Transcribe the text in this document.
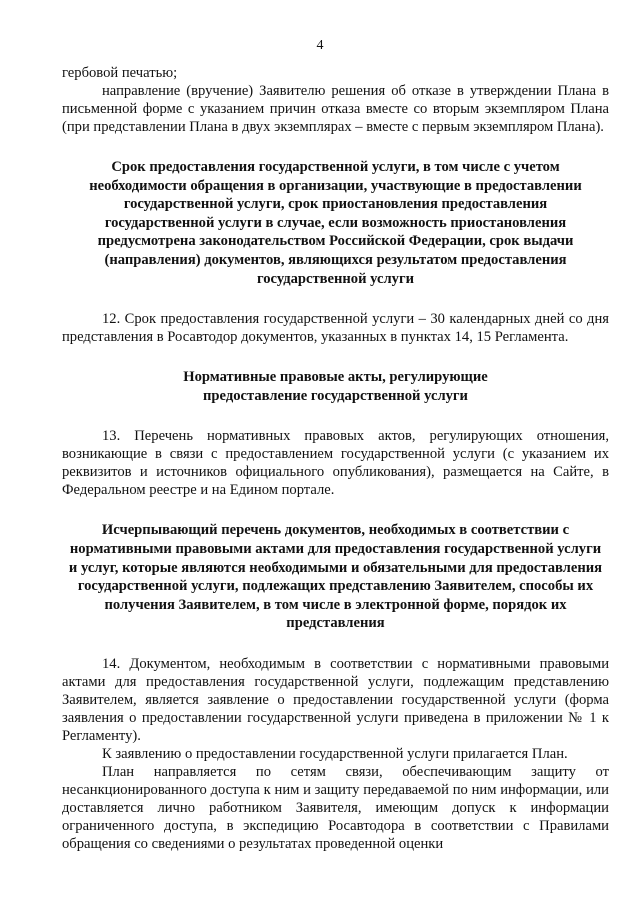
4

гербовой печатью;

направление (вручение) Заявителю решения об отказе в утверждении Плана в письменной форме с указанием причин отказа вместе со вторым экземпляром Плана (при представлении Плана в двух экземплярах – вместе с первым экземпляром Плана).

Срок предоставления государственной услуги, в том числе с учетом необходимости обращения в организации, участвующие в предоставлении государственной услуги, срок приостановления предоставления государственной услуги в случае, если возможность приостановления предусмотрена законодательством Российской Федерации, срок выдачи (направления) документов, являющихся результатом предоставления государственной услуги

12. Срок предоставления государственной услуги – 30 календарных дней со дня представления в Росавтодор документов, указанных в пунктах 14, 15 Регламента.

Нормативные правовые акты, регулирующие предоставление государственной услуги

13. Перечень нормативных правовых актов, регулирующих отношения, возникающие в связи с предоставлением государственной услуги (с указанием их реквизитов и источников официального опубликования), размещается на Сайте, в Федеральном реестре и на Едином портале.

Исчерпывающий перечень документов, необходимых в соответствии с нормативными правовыми актами для предоставления государственной услуги и услуг, которые являются необходимыми и обязательными для предоставления государственной услуги, подлежащих представлению Заявителем, способы их получения Заявителем, в том числе в электронной форме, порядок их представления

14. Документом, необходимым в соответствии с нормативными правовыми актами для предоставления государственной услуги, подлежащим представлению Заявителем, является заявление о предоставлении государственной услуги (форма заявления о предоставлении государственной услуги приведена в приложении № 1 к Регламенту).

К заявлению о предоставлении государственной услуги прилагается План.

План направляется по сетям связи, обеспечивающим защиту от несанкционированного доступа к ним и защиту передаваемой по ним информации, или доставляется лично работником Заявителя, имеющим допуск к информации ограниченного доступа, в экспедицию Росавтодора в соответствии с Правилами обращения со сведениями о результатах проведенной оценки
